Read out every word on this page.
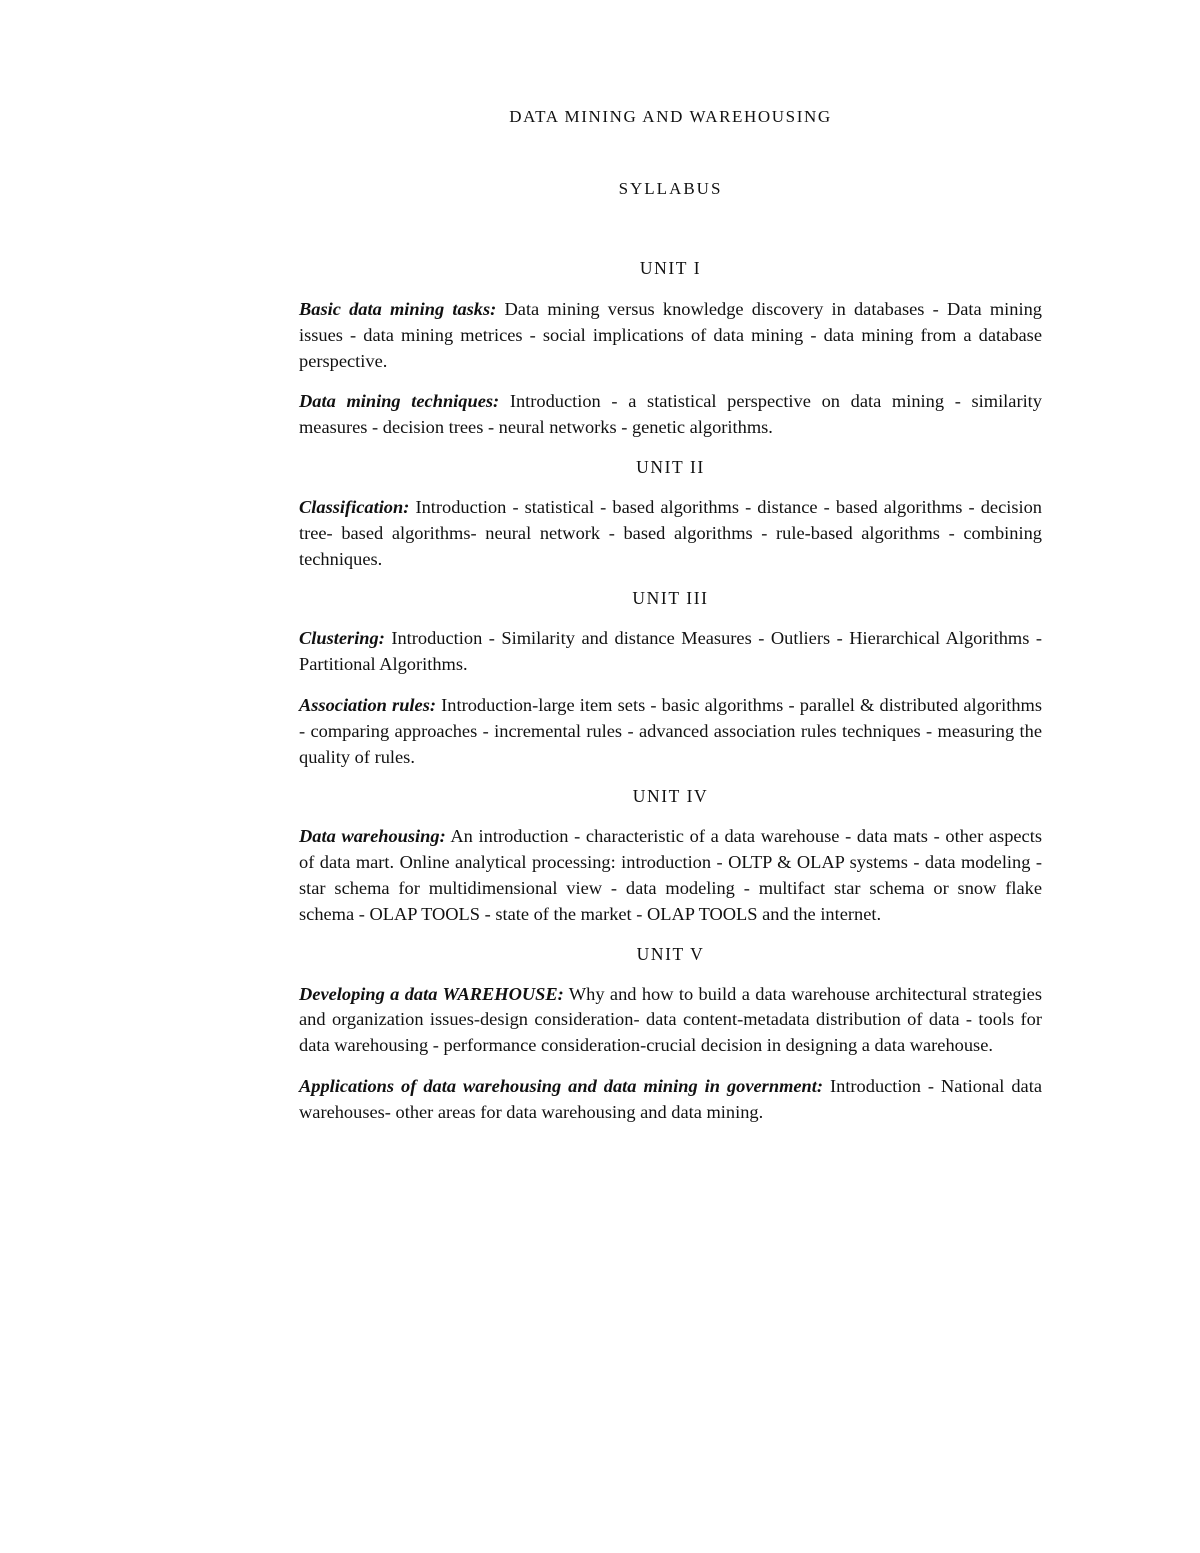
DATA MINING AND WAREHOUSING
SYLLABUS
UNIT I

Basic data mining tasks: Data mining versus knowledge discovery in databases - Data mining issues - data mining metrices - social implications of data mining - data mining from a database perspective.

Data mining techniques: Introduction - a statistical perspective on data mining - similarity measures - decision trees - neural networks - genetic algorithms.

UNIT II

Classification: Introduction - statistical - based algorithms - distance - based algorithms - decision tree- based algorithms- neural network - based algorithms - rule-based algorithms - combining techniques.

UNIT III

Clustering: Introduction - Similarity and distance Measures - Outliers - Hierarchical Algorithms - Partitional Algorithms.

Association rules: Introduction-large item sets - basic algorithms - parallel & distributed algorithms - comparing approaches - incremental rules - advanced association rules techniques - measuring the quality of rules.

UNIT IV

Data warehousing: An introduction - characteristic of a data warehouse - data mats - other aspects of data mart. Online analytical processing: introduction - OLTP & OLAP systems - data modeling - star schema for multidimensional view - data modeling - multifact star schema or snow flake schema - OLAP TOOLS - state of the market - OLAP TOOLS and the internet.

UNIT V

Developing a data WAREHOUSE: Why and how to build a data warehouse architectural strategies and organization issues-design consideration- data content-metadata distribution of data - tools for data warehousing - performance consideration-crucial decision in designing a data warehouse.

Applications of data warehousing and data mining in government: Introduction - National data warehouses- other areas for data warehousing and data mining.
